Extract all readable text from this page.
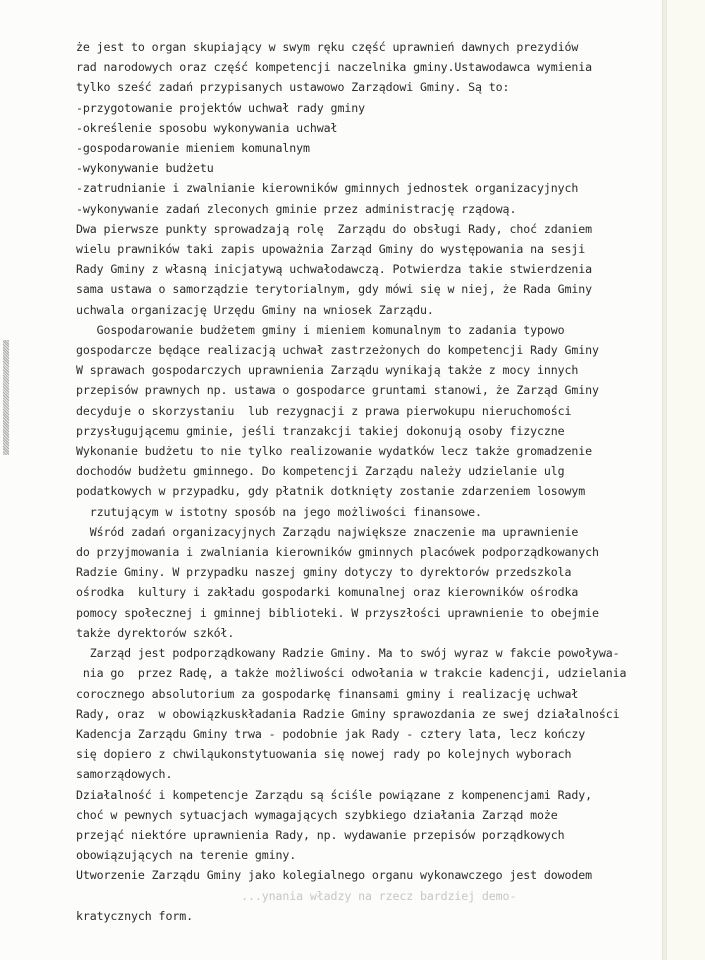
że jest to organ skupiający w swym ręku część uprawnień dawnych prezydiów
rad narodowych oraz część kompetencji naczelnika gminy.Ustawodawca wymienia
tylko sześć zadań przypisanych ustawowo Zarządowi Gminy. Są to:
-przygotowanie projektów uchwał rady gminy
-określenie sposobu wykonywania uchwał
-gospodarowanie mieniem komunalnym
-wykonywanie budżetu
-zatrudnianie i zwalnianie kierowników gminnych jednostek organizacyjnych
-wykonywanie zadań zleconych gminie przez administrację rządową.
Dwa pierwsze punkty sprowadzają rolę  Zarządu do obsługi Rady, choć zdaniem
wielu prawników taki zapis upoważnia Zarząd Gminy do występowania na sesji
Rady Gminy z własną inicjatywą uchwałodawczą. Potwierdza takie stwierdzenia
sama ustawa o samorządzie terytorialnym, gdy mówi się w niej, że Rada Gminy
uchwala organizację Urzędu Gminy na wniosek Zarządu.
Gospodarowanie budżetem gminy i mieniem komunalnym to zadania typowo
gospodarcze będące realizacją uchwał zastrzeżonych do kompetencji Rady Gminy
W sprawach gospodarczych uprawnienia Zarządu wynikają także z mocy innych
przepisów prawnych np. ustawa o gospodarce gruntami stanowi, że Zarząd Gminy
decyduje o skorzystaniu  lub rezygnacji z prawa pierwokupu nieruchomości
przysługującemu gminie, jeśli tranzakcji takiej dokonują osoby fizyczne
Wykonanie budżetu to nie tylko realizowanie wydatków lecz także gromadzenie
dochodów budżetu gminnego. Do kompetencji Zarządu należy udzielanie ulg
podatkowych w przypadku, gdy płatnik dotknięty zostanie zdarzeniem losowym
rzutującym w istotny sposób na jego możliwości finansowe.
Wśród zadań organizacyjnych Zarządu największe znaczenie ma uprawnienie
do przyjmowania i zwalniania kierowników gminnych placówek podporządkowanych
Radzie Gminy. W przypadku naszej gminy dotyczy to dyrektorów przedszkola
ośrodka  kultury i zakładu gospodarki komunalnej oraz kierowników ośrodka
pomocy społecznej i gminnej biblioteki. W przyszłości uprawnienie to obejmie
także dyrektorów szkół.
Zarząd jest podporządkowany Radzie Gminy. Ma to swój wyraz w fakcie powoływa-
nia go  przez Radę, a także możliwości odwołania w trakcie kadencji, udzielania
corocznego absolutorium za gospodarkę finansami gminy i realizację uchwał
Rady, oraz  w obowiązkuskładania Radzie Gminy sprawozdania ze swej działalności
Kadencja Zarządu Gminy trwa - podobnie jak Rady - cztery lata, lecz kończy
się dopiero z chwiląukonstytuowania się nowej rady po kolejnych wyborach
samorządowych.
Działalność i kompetencje Zarządu są ściśle powiązane z kompenencjami Rady,
choć w pewnych sytuacjach wymagających szybkiego działania Zarząd może
przejąć niektóre uprawnienia Rady, np. wydawanie przepisów porządkowych
obowiązujących na terenie gminy.
Utworzenie Zarządu Gminy jako kolegialnego organu wykonawczego jest dowodem
...ynania władzy na rzecz bardziej demo-
kratycznych form.
